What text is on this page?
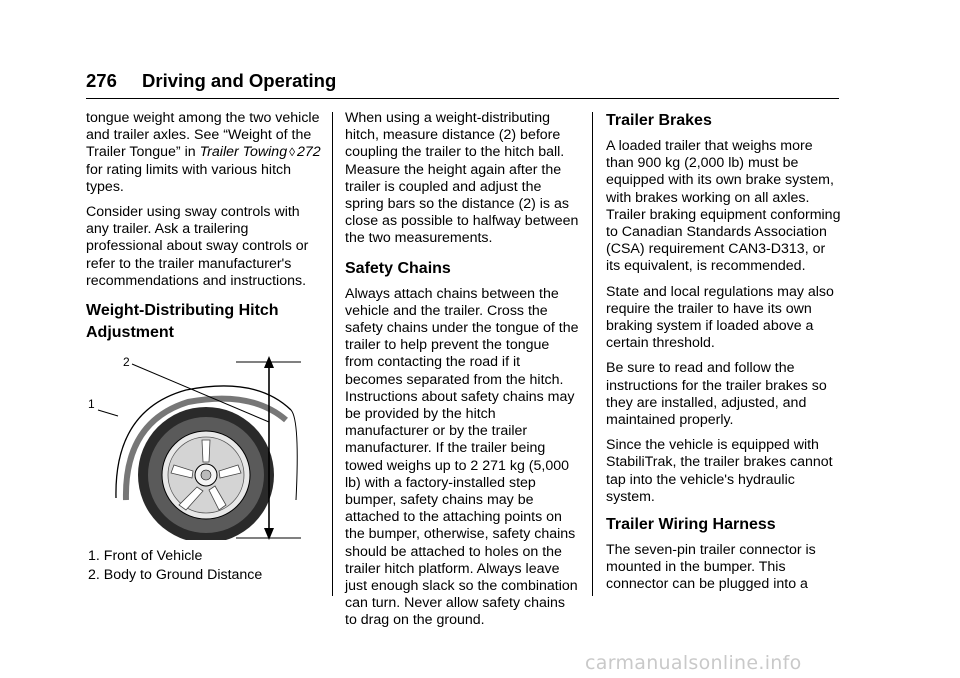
276 Driving and Operating

tongue weight among the two vehicle and trailer axles. See “Weight of the Trailer Tongue” in Trailer Towing ◊ 272 for rating limits with various hitch types.

Consider using sway controls with any trailer. Ask a trailering professional about sway controls or refer to the trailer manufacturer's recommendations and instructions.

Weight-Distributing Hitch Adjustment
2
1
1. Front of Vehicle
2. Body to Ground Distance

When using a weight-distributing hitch, measure distance (2) before coupling the trailer to the hitch ball. Measure the height again after the trailer is coupled and adjust the spring bars so the distance (2) is as close as possible to halfway between the two measurements.

Safety Chains

Always attach chains between the vehicle and the trailer. Cross the safety chains under the tongue of the trailer to help prevent the tongue from contacting the road if it becomes separated from the hitch. Instructions about safety chains may be provided by the hitch manufacturer or by the trailer manufacturer. If the trailer being towed weighs up to 2 271 kg (5,000 lb) with a factory-installed step bumper, safety chains may be attached to the attaching points on the bumper, otherwise, safety chains should be attached to holes on the trailer hitch platform. Always leave just enough slack so the combination can turn. Never allow safety chains to drag on the ground.

Trailer Brakes

A loaded trailer that weighs more than 900 kg (2,000 lb) must be equipped with its own brake system, with brakes working on all axles. Trailer braking equipment conforming to Canadian Standards Association (CSA) requirement CAN3-D313, or its equivalent, is recommended.

State and local regulations may also require the trailer to have its own braking system if loaded above a certain threshold.

Be sure to read and follow the instructions for the trailer brakes so they are installed, adjusted, and maintained properly.

Since the vehicle is equipped with StabiliTrak, the trailer brakes cannot tap into the vehicle's hydraulic system.

Trailer Wiring Harness

The seven-pin trailer connector is mounted in the bumper. This connector can be plugged into a

carmanualsonline.info
